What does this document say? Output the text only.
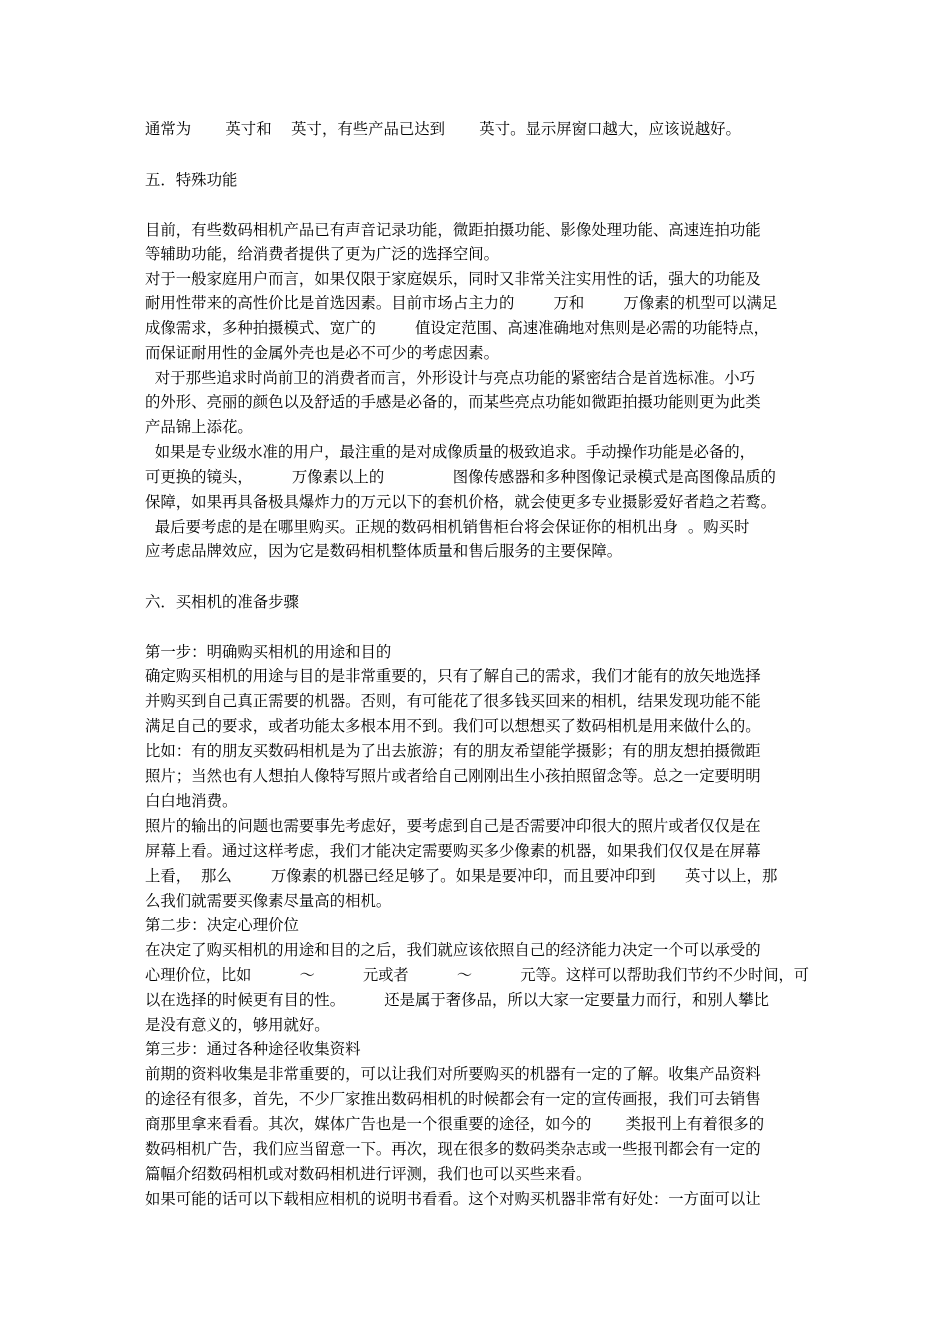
通常为       英寸和    英寸，有些产品已达到       英寸。显示屏窗口越大，应该说越好。
五．特殊功能
目前，有些数码相机产品已有声音记录功能，微距拍摄功能、影像处理功能、高速连拍功能
等辅助功能，给消费者提供了更为广泛的选择空间。
对于一般家庭用户而言，如果仅限于家庭娱乐，同时又非常关注实用性的话，强大的功能及
耐用性带来的高性价比是首选因素。目前市场占主力的        万和        万像素的机型可以满足
成像需求，多种拍摄模式、宽广的        值设定范围、高速准确地对焦则是必需的功能特点，
而保证耐用性的金属外壳也是必不可少的考虑因素。
对于那些追求时尚前卫的消费者而言，外形设计与亮点功能的紧密结合是首选标准。小巧
的外形、亮丽的颜色以及舒适的手感是必备的，而某些亮点功能如微距拍摄功能则更为此类
产品锦上添花。
如果是专业级水准的用户，最注重的是对成像质量的极致追求。手动操作功能是必备的，
可更换的镜头，        万像素以上的              图像传感器和多种图像记录模式是高图像品质的
保障，如果再具备极具爆炸力的万元以下的套机价格，就会使更多专业摄影爱好者趋之若鹜。
最后要考虑的是在哪里购买。正规的数码相机销售柜台将会保证你的相机出身  。购买时
应考虑品牌效应，因为它是数码相机整体质量和售后服务的主要保障。
六．买相机的准备步骤
第一步：明确购买相机的用途和目的
确定购买相机的用途与目的是非常重要的，只有了解自己的需求，我们才能有的放矢地选择
并购买到自己真正需要的机器。否则，有可能花了很多钱买回来的相机，结果发现功能不能
满足自己的要求，或者功能太多根本用不到。我们可以想想买了数码相机是用来做什么的。
比如：有的朋友买数码相机是为了出去旅游；有的朋友希望能学摄影；有的朋友想拍摄微距
照片；当然也有人想拍人像特写照片或者给自己刚刚出生小孩拍照留念等。总之一定要明明
白白地消费。
照片的输出的问题也需要事先考虑好，要考虑到自己是否需要冲印很大的照片或者仅仅是在
屏幕上看。通过这样考虑，我们才能决定需要购买多少像素的机器，如果我们仅仅是在屏幕
上看，  那么        万像素的机器已经足够了。如果是要冲印，而且要冲印到      英寸以上，那
么我们就需要买像素尽量高的相机。
第二步：决定心理价位
在决定了购买相机的用途和目的之后，我们就应该依照自己的经济能力决定一个可以承受的
心理价位，比如          ～          元或者          ～          元等。这样可以帮助我们节约不少时间，可
以在选择的时候更有目的性。        还是属于奢侈品，所以大家一定要量力而行，和别人攀比
是没有意义的，够用就好。
第三步：通过各种途径收集资料
前期的资料收集是非常重要的，可以让我们对所要购买的机器有一定的了解。收集产品资料
的途径有很多，首先，不少厂家推出数码相机的时候都会有一定的宣传画报，我们可去销售
商那里拿来看看。其次，媒体广告也是一个很重要的途径，如今的       类报刊上有着很多的
数码相机广告，我们应当留意一下。再次，现在很多的数码类杂志或一些报刊都会有一定的
篇幅介绍数码相机或对数码相机进行评测，我们也可以买些来看。
如果可能的话可以下载相应相机的说明书看看。这个对购买机器非常有好处：一方面可以让
